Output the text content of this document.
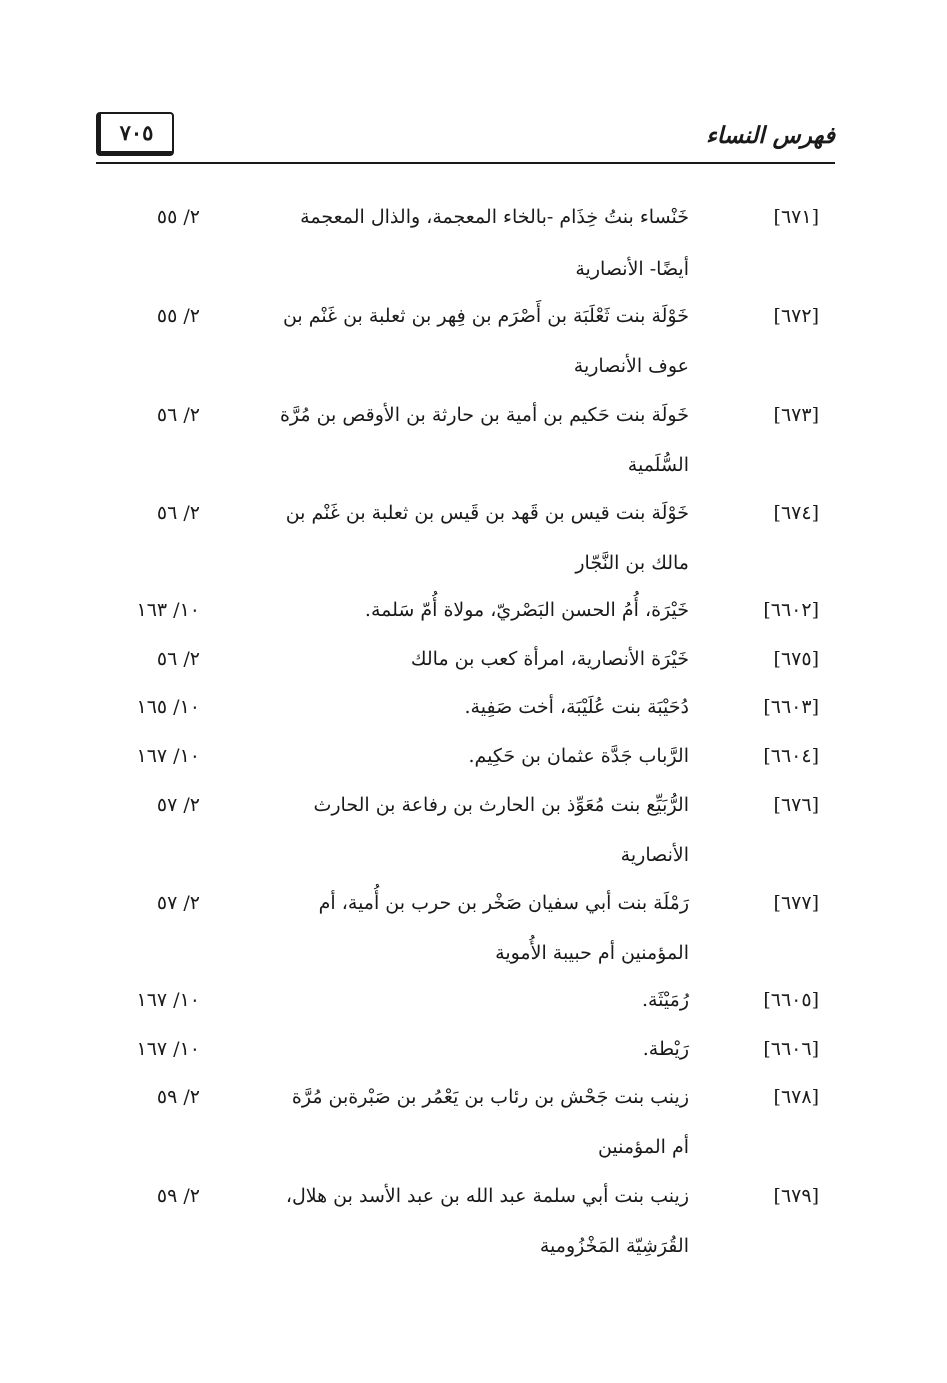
٧٠٥	فهرس النساء
[٦٧١]
خَنْساء بنتُ خِذَام -بالخاء المعجمة، والذال المعجمة
أيضًا- الأنصارية
٢/ ٥٥
[٦٧٢]
خَوْلَة بنت ثَعْلَبَة بن أَصْرَم بن فِهر بن ثعلبة بن غَنْم بن
عوف الأنصارية
٢/ ٥٥
[٦٧٣]
خَولَة بنت حَكيم بن أمية بن حارثة بن الأوقص بن مُرَّة
السُّلَمية
٢/ ٥٦
[٦٧٤]
خَوْلَة بنت قيس بن قَهد بن قَيس بن ثعلبة بن غَنْم بن
مالك بن النَّجّار
٢/ ٥٦
[٦٦٠٢]
خَيْرَة، أُمُ الحسن البَصْريّ، مولاة أُمّ سَلمة.
١٠/ ١٦٣
[٦٧٥]
خَيْرَة الأنصارية، امرأة كعب بن مالك
٢/ ٥٦
[٦٦٠٣]
دُحَيْبَة بنت عُلَيْبَة، أخت صَفِية.
١٠/ ١٦٥
[٦٦٠٤]
الرَّباب جَدَّة عثمان بن حَكِيم.
١٠/ ١٦٧
[٦٧٦]
الرُّبَيِّع بنت مُعَوِّذ بن الحارث بن رفاعة بن الحارث
الأنصارية
٢/ ٥٧
[٦٧٧]
رَمْلَة بنت أبي سفيان صَخْر بن حرب بن أُمية، أم
المؤمنين أم حبيبة الأُموية
٢/ ٥٧
[٦٦٠٥]
رُمَيْثَة.
١٠/ ١٦٧
[٦٦٠٦]
رَيْطة.
١٠/ ١٦٧
[٦٧٨]
زينب بنت جَحْش بن رئاب بن يَعْمُر بن صَبْرةبن مُرَّة
أم المؤمنين
٢/ ٥٩
[٦٧٩]
زينب بنت أبي سلمة عبد الله بن عبد الأسد بن هلال،
القُرَشِيّة المَخْزُومية
٢/ ٥٩
